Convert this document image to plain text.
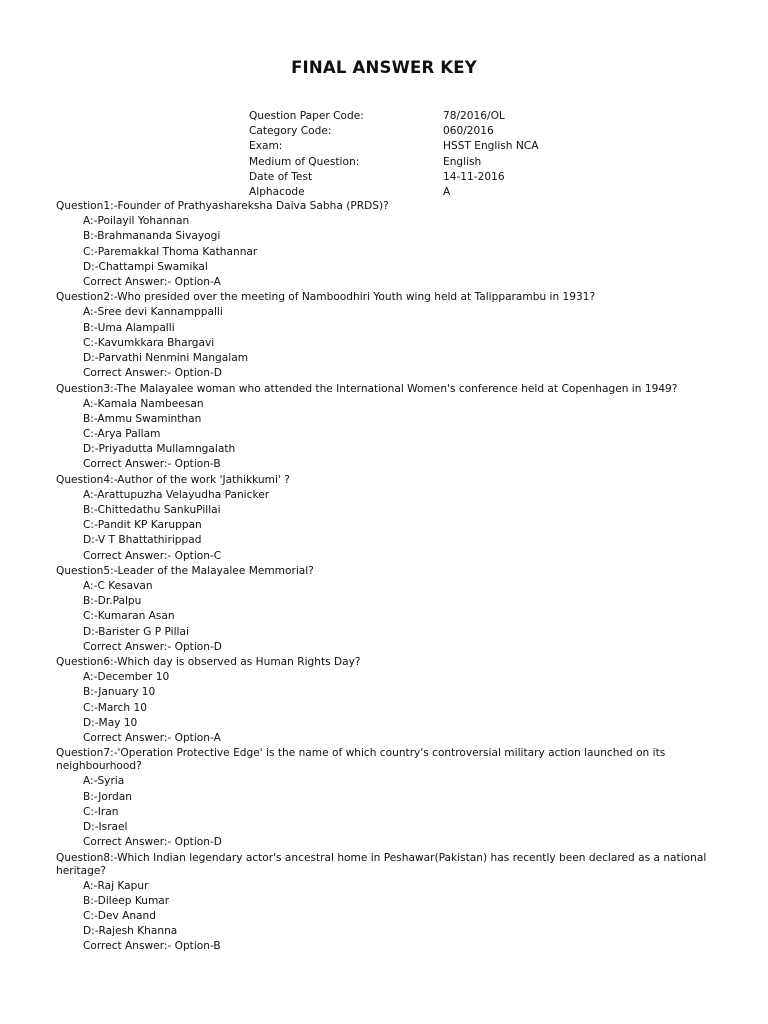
FINAL ANSWER KEY
Question Paper Code:	78/2016/OL
Category Code:	060/2016
Exam:	HSST English NCA
Medium of Question:	English
Date of Test	14-11-2016
Alphacode	A
Question1:-Founder of Prathyashareksha Daiva Sabha (PRDS)?
A:-Poilayil Yohannan
B:-Brahmananda Sivayogi
C:-Paremakkal Thoma Kathannar
D:-Chattampi Swamikal
Correct Answer:- Option-A
Question2:-Who presided over the meeting of Namboodhiri Youth wing held at Talipparambu in 1931?
A:-Sree devi Kannamppalli
B:-Uma Alampalli
C:-Kavumkkara Bhargavi
D:-Parvathi Nenmini Mangalam
Correct Answer:- Option-D
Question3:-The Malayalee woman who attended the International Women's conference held at Copenhagen in 1949?
A:-Kamala Nambeesan
B:-Ammu Swaminthan
C:-Arya Pallam
D:-Priyadutta Mullamngalath
Correct Answer:- Option-B
Question4:-Author of the work 'Jathikkumi' ?
A:-Arattupuzha Velayudha Panicker
B:-Chittedathu SankuPillai
C:-Pandit KP Karuppan
D:-V T Bhattathirippad
Correct Answer:- Option-C
Question5:-Leader of the Malayalee Memmorial?
A:-C Kesavan
B:-Dr.Palpu
C:-Kumaran Asan
D:-Barister G P Pillai
Correct Answer:- Option-D
Question6:-Which day is observed as Human Rights Day?
A:-December 10
B:-January 10
C:-March 10
D:-May 10
Correct Answer:- Option-A
Question7:-'Operation Protective Edge' is the name of which country's controversial military action launched on its neighbourhood?
A:-Syria
B:-Jordan
C:-Iran
D:-Israel
Correct Answer:- Option-D
Question8:-Which Indian legendary actor's ancestral home in Peshawar(Pakistan) has recently been declared as a national heritage?
A:-Raj Kapur
B:-Dileep Kumar
C:-Dev Anand
D:-Rajesh Khanna
Correct Answer:- Option-B
